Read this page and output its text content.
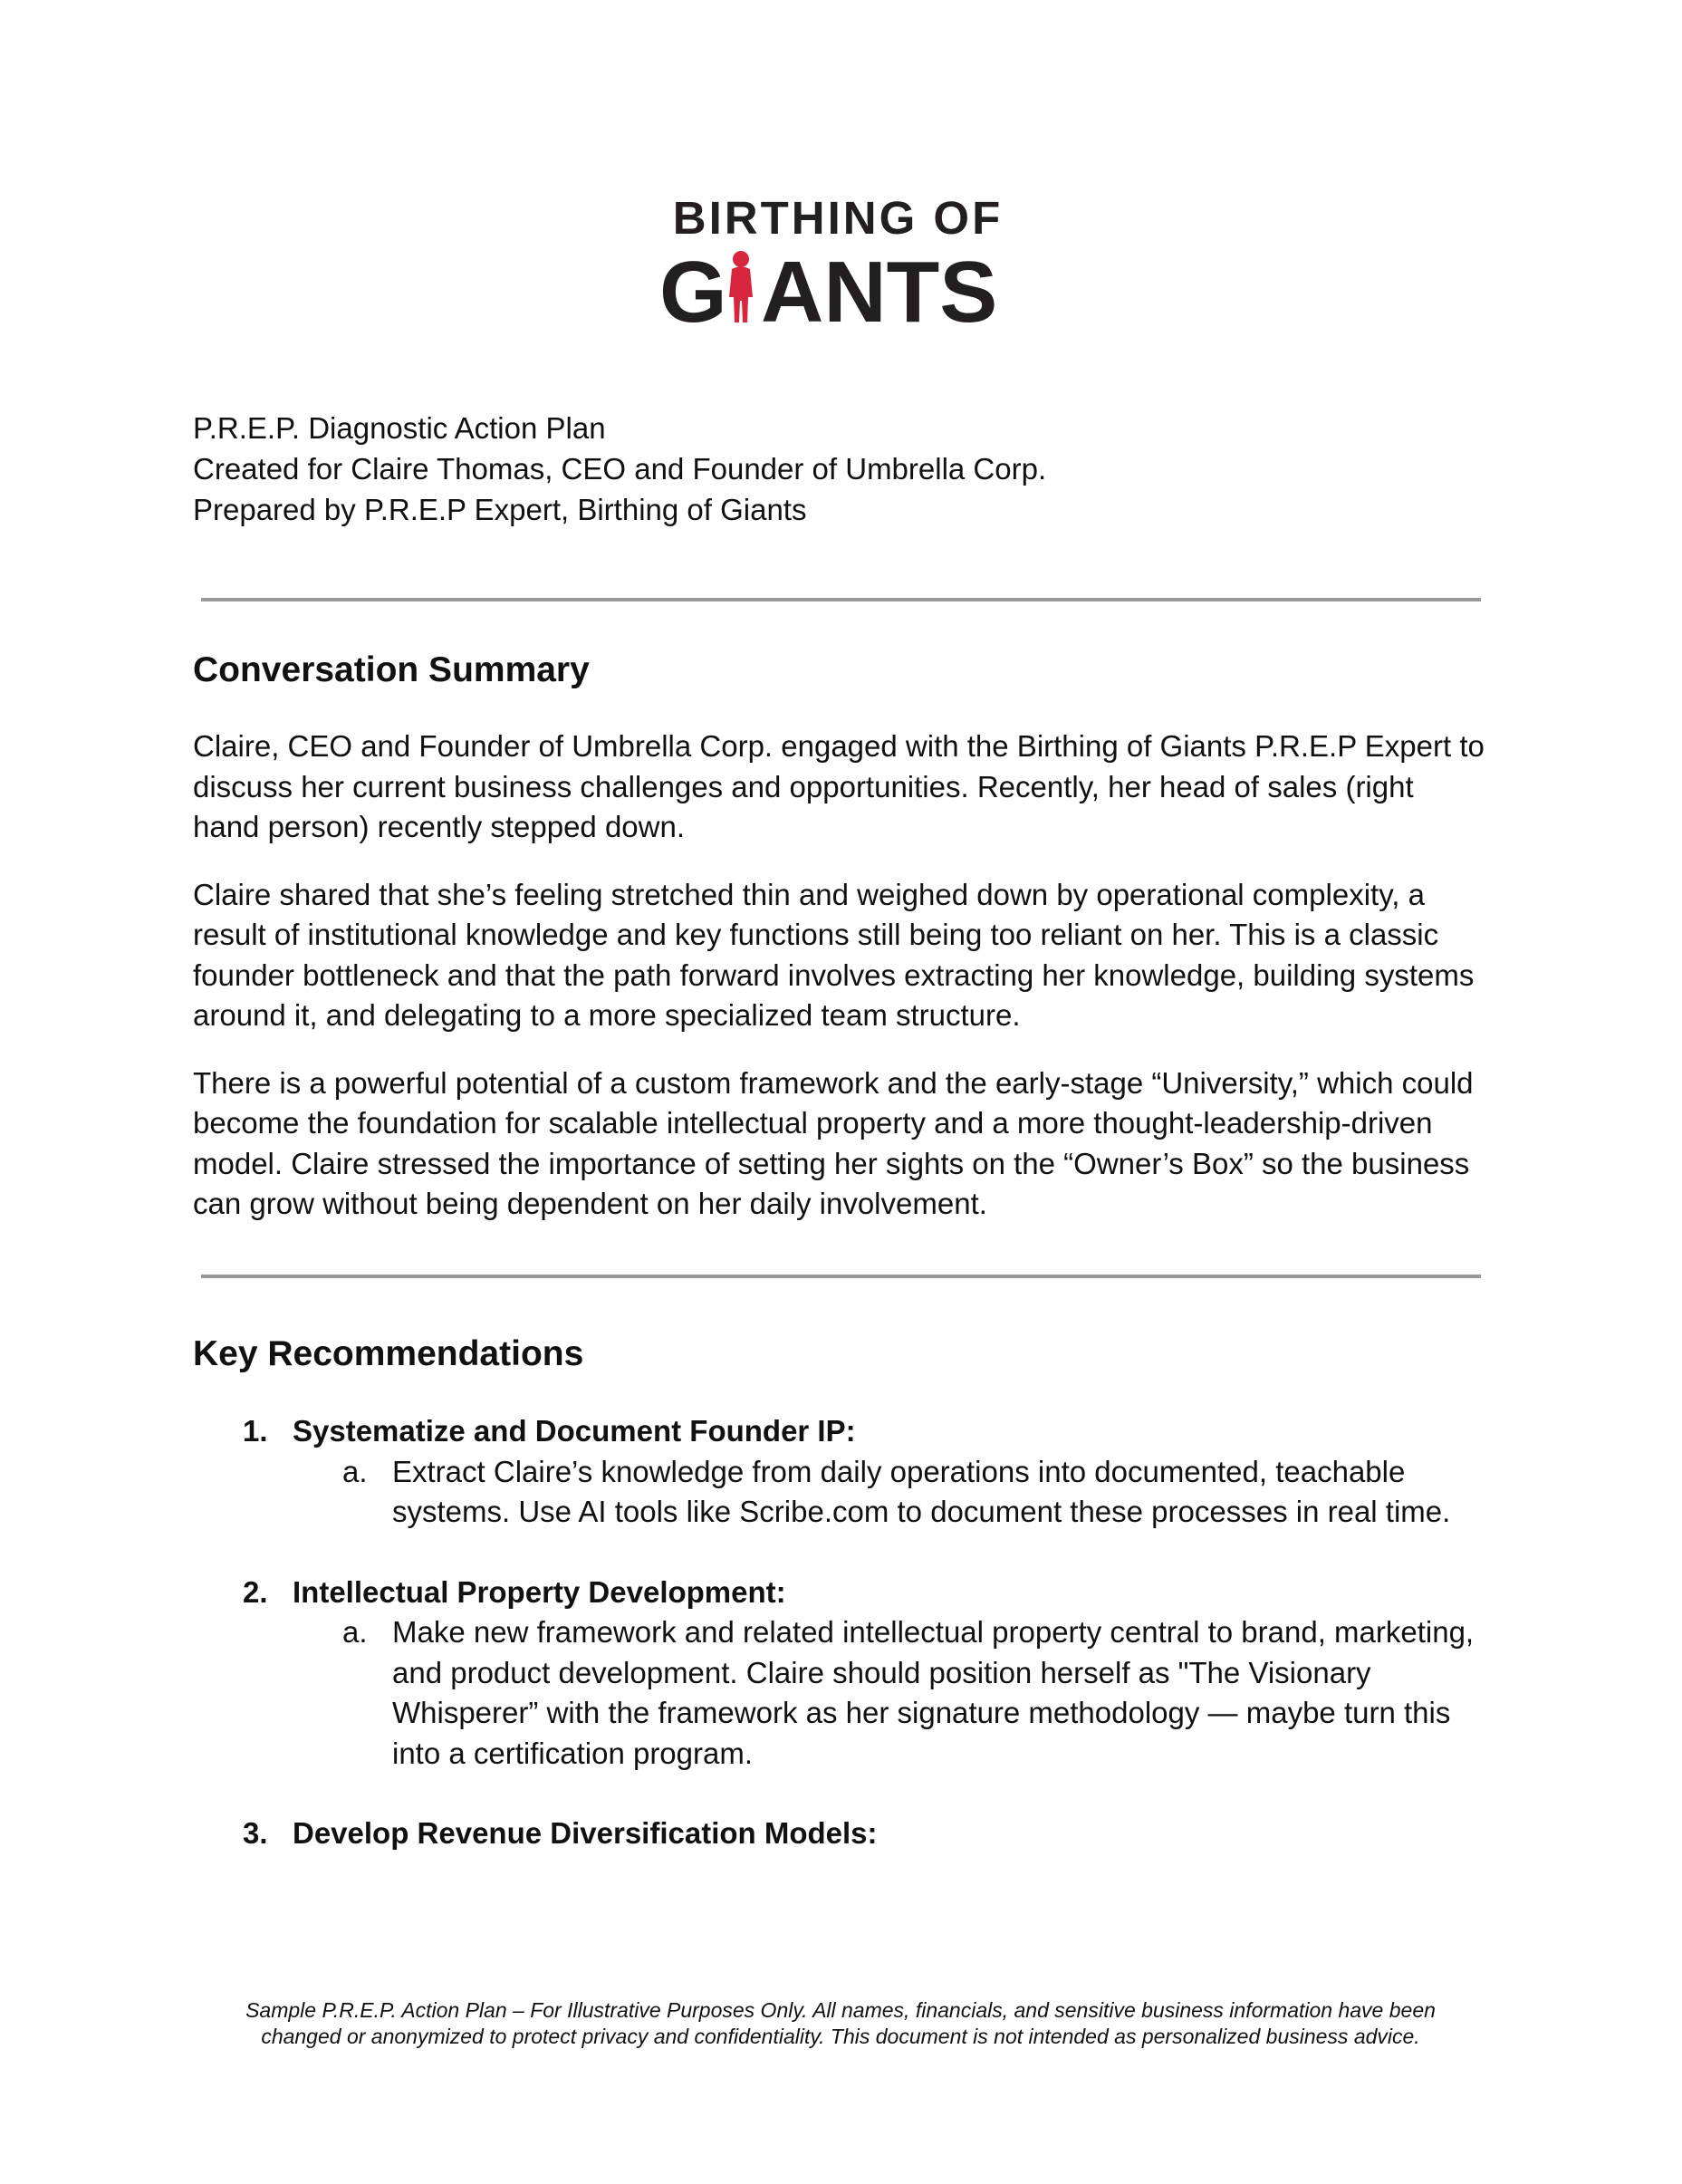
BIRTHING OF
G ANTS
P.R.E.P. Diagnostic Action Plan
Created for Claire Thomas, CEO and Founder of Umbrella Corp.
Prepared by P.R.E.P Expert, Birthing of Giants
Conversation Summary

Claire, CEO and Founder of Umbrella Corp. engaged with the Birthing of Giants P.R.E.P Expert to discuss her current business challenges and opportunities. Recently, her head of sales (right hand person) recently stepped down.

Claire shared that she’s feeling stretched thin and weighed down by operational complexity, a result of institutional knowledge and key functions still being too reliant on her. This is a classic founder bottleneck and that the path forward involves extracting her knowledge, building systems around it, and delegating to a more specialized team structure.

There is a powerful potential of a custom framework and the early-stage “University,” which could become the foundation for scalable intellectual property and a more thought-leadership-driven model. Claire stressed the importance of setting her sights on the “Owner’s Box” so the business can grow without being dependent on her daily involvement.

Key Recommendations
1. Systematize and Document Founder IP:
a. Extract Claire’s knowledge from daily operations into documented, teachable systems. Use AI tools like Scribe.com to document these processes in real time.
2. Intellectual Property Development:
a. Make new framework and related intellectual property central to brand, marketing, and product development. Claire should position herself as "The Visionary Whisperer” with the framework as her signature methodology — maybe turn this into a certification program.
3. Develop Revenue Diversification Models:
Sample P.R.E.P. Action Plan – For Illustrative Purposes Only. All names, financials, and sensitive business information have been
changed or anonymized to protect privacy and confidentiality. This document is not intended as personalized business advice.
